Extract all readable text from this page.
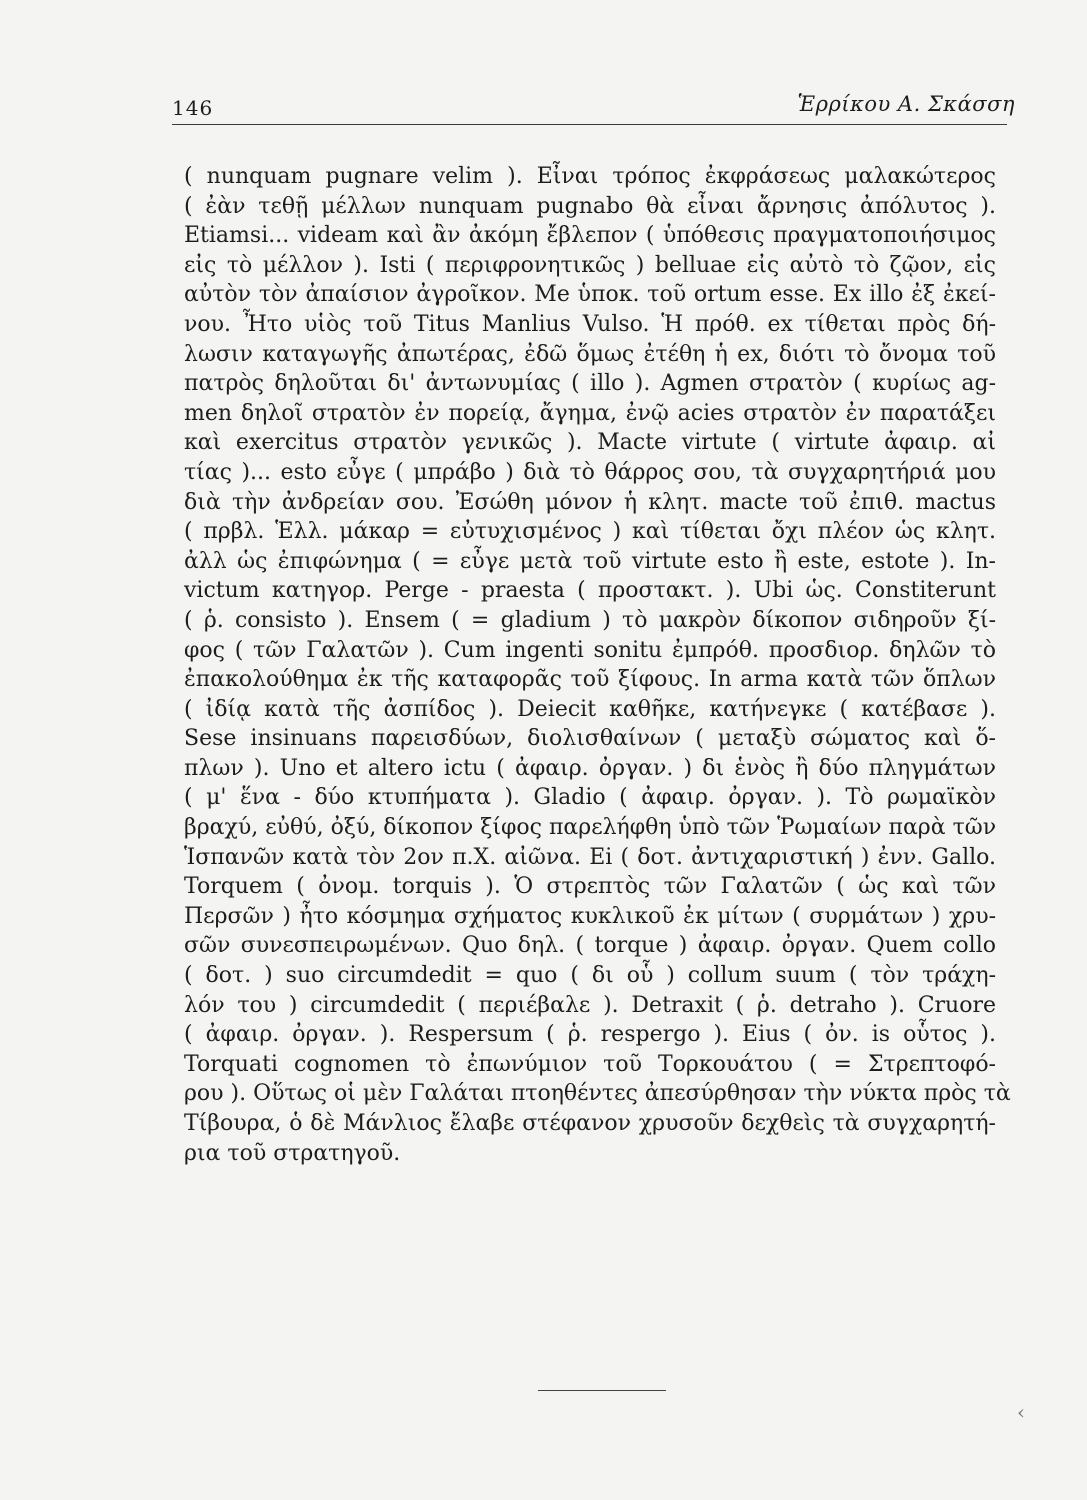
146	Ἑρρίκου Α. Σκάσση
( nunquam pugnare velim ). Εἶναι τρόπος ἐκφράσεως μαλακώτερος
( ἐὰν τεθῇ μέλλων nunquam pugnabo θὰ εἶναι ἄρνησις ἀπόλυτος ).
Etiamsi... videam καὶ ἂν ἀκόμη ἔβλεπον ( ὑπόθεσις πραγματοποιήσιμος
εἰς τὸ μέλλον ). Isti ( περιφρονητικῶς ) belluae εἰς αὐτὸ τὸ ζῷον, εἰς
αὐτὸν τὸν ἀπαίσιον ἀγροῖκον. Me ὑποκ. τοῦ ortum esse. Ex illo ἐξ ἐκεί-
νου. Ἦτο υἱὸς τοῦ Titus Manlius Vulso. Ἡ πρόθ. ex τίθεται πρὸς δή-
λωσιν καταγωγῆς ἀπωτέρας, ἐδῶ ὅμως ἐτέθη ἡ ex, διότι τὸ ὄνομα τοῦ
πατρὸς δηλοῦται δι' ἀντωνυμίας ( illo ). Agmen στρατὸν ( κυρίως ag-
men δηλοῖ στρατὸν ἐν πορείᾳ, ἄγημα, ἐνῷ acies στρατὸν ἐν παρατάξει
καὶ exercitus στρατὸν γενικῶς ). Macte virtute ( virtute ἀφαιρ. αἰ
τίας )... esto εὖγε ( μπράβο ) διὰ τὸ θάρρος σου, τὰ συγχαρητήριά μου
διὰ τὴν ἀνδρείαν σου. Ἐσώθη μόνον ἡ κλητ. macte τοῦ ἐπιθ. mactus
( πρβλ. Ἑλλ. μάκαρ = εὐτυχισμένος ) καὶ τίθεται ὄχι πλέον ὡς κλητ.
ἀλλ ὡς ἐπιφώνημα ( = εὖγε μετὰ τοῦ virtute esto ἢ este, estote ). In-
victum κατηγορ. Perge - praesta ( προστακτ. ). Ubi ὡς. Constiterunt
( ῥ. consisto ). Ensem ( = gladium ) τὸ μακρὸν δίκοπον σιδηροῦν ξί-
φος ( τῶν Γαλατῶν ). Cum ingenti sonitu ἐμπρόθ. προσδιορ. δηλῶν τὸ
ἐπακολούθημα ἐκ τῆς καταφορᾶς τοῦ ξίφους. In arma κατὰ τῶν ὅπλων
( ἰδίᾳ κατὰ τῆς ἀσπίδος ). Deiecit καθῆκε, κατήνεγκε ( κατέβασε ).
Sese insinuans παρεισδύων, διολισθαίνων ( μεταξὺ σώματος καὶ ὅ-
πλων ). Uno et altero ictu ( ἀφαιρ. ὀργαν. ) δι ἑνὸς ἢ δύο πληγμάτων
( μ' ἕνα - δύο κτυπήματα ). Gladio ( ἀφαιρ. ὀργαν. ). Τὸ ρωμαϊκὸν
βραχύ, εὐθύ, ὀξύ, δίκοπον ξίφος παρελήφθη ὑπὸ τῶν Ῥωμαίων παρὰ τῶν
Ἱσπανῶν κατὰ τὸν 2ον π.Χ. αἰῶνα. Ei ( δοτ. ἀντιχαριστική ) ἐνν. Gallo.
Torquem ( ὀνομ. torquis ). Ὁ στρεπτὸς τῶν Γαλατῶν ( ὡς καὶ τῶν
Περσῶν ) ἦτο κόσμημα σχήματος κυκλικοῦ ἐκ μίτων ( συρμάτων ) χρυ-
σῶν συνεσπειρωμένων. Quo δηλ. ( torque ) ἀφαιρ. ὀργαν. Quem collo
( δοτ. ) suo circumdedit = quo ( δι οὗ ) collum suum ( τὸν τράχη-
λόν του ) circumdedit ( περιέβαλε ). Detraxit ( ῥ. detraho ). Cruore
( ἀφαιρ. ὀργαν. ). Respersum ( ῥ. respergo ). Eius ( ὀν. is οὗτος ).
Torquati cognomen τὸ ἐπωνύμιον τοῦ Τορκουάτου ( = Στρεπτοφό-
ρου ). Οὕτως οἱ μὲν Γαλάται πτοηθέντες ἀπεσύρθησαν τὴν νύκτα πρὸς τὰ
Τίβουρα, ὁ δὲ Μάνλιος ἔλαβε στέφανον χρυσοῦν δεχθεὶς τὰ συγχαρητή-
ρια τοῦ στρατηγοῦ.
‹
